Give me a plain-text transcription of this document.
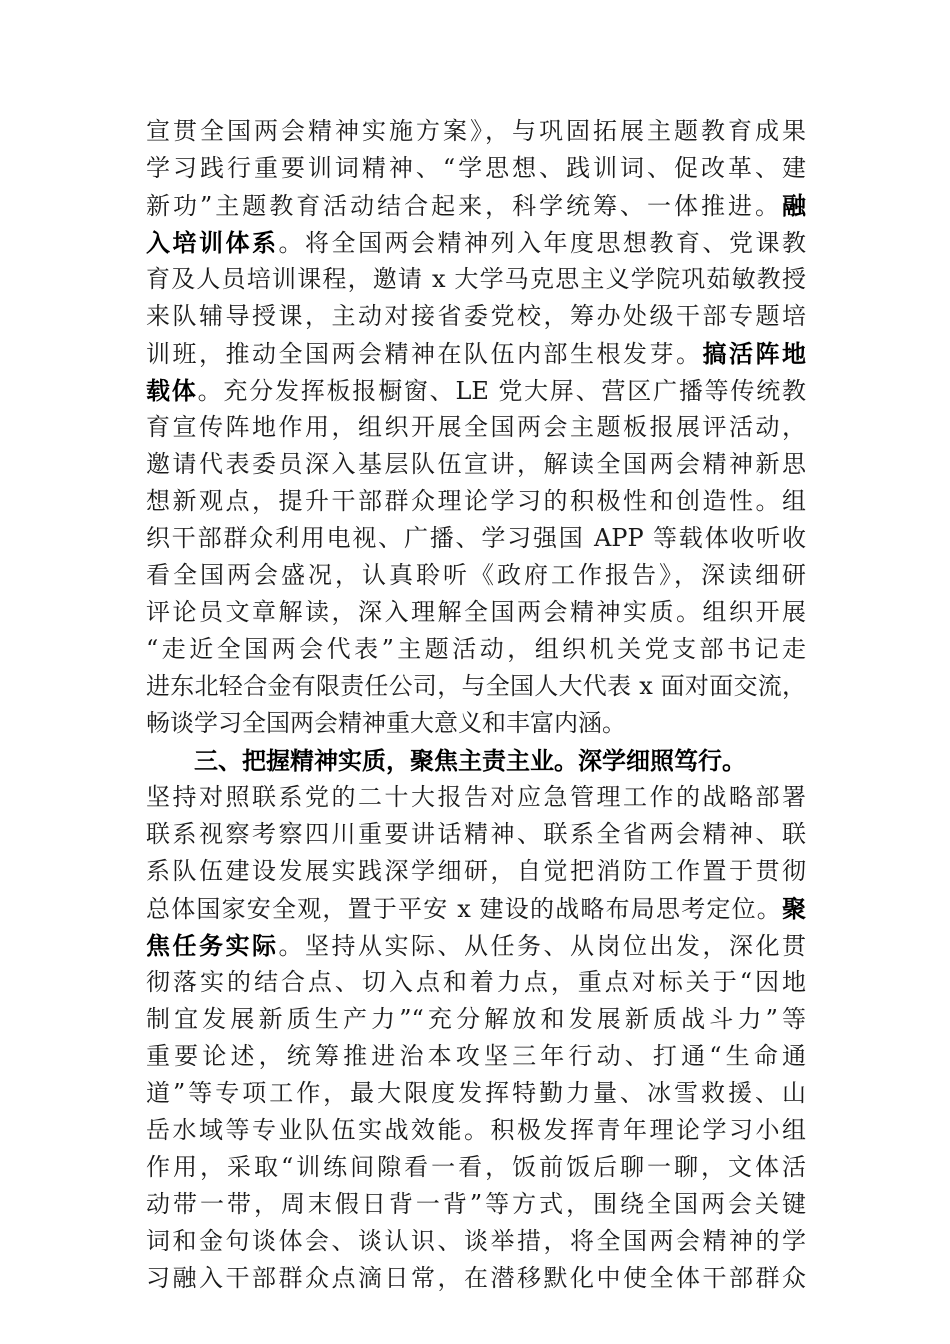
宣贯全国两会精神实施方案》，与巩固拓展主题教育成果
学习践行重要训词精神、“学思想、践训词、促改革、建
新功”主题教育活动结合起来，科学统筹、一体推进。融
入培训体系。将全国两会精神列入年度思想教育、党课教
育及人员培训课程，邀请 x 大学马克思主义学院巩茹敏教授
来队辅导授课，主动对接省委党校，筹办处级干部专题培
训班，推动全国两会精神在队伍内部生根发芽。搞活阵地
载体。充分发挥板报橱窗、LE 党大屏、营区广播等传统教
育宣传阵地作用，组织开展全国两会主题板报展评活动，
邀请代表委员深入基层队伍宣讲，解读全国两会精神新思
想新观点，提升干部群众理论学习的积极性和创造性。组
织干部群众利用电视、广播、学习强国 APP 等载体收听收
看全国两会盛况，认真聆听《政府工作报告》，深读细研
评论员文章解读，深入理解全国两会精神实质。组织开展
“走近全国两会代表”主题活动，组织机关党支部书记走
进东北轻合金有限责任公司，与全国人大代表 x 面对面交流，
畅谈学习全国两会精神重大意义和丰富内涵。
三、把握精神实质，聚焦主责主业。深学细照笃行。
坚持对照联系党的二十大报告对应急管理工作的战略部署
联系视察考察四川重要讲话精神、联系全省两会精神、联
系队伍建设发展实践深学细研，自觉把消防工作置于贯彻
总体国家安全观，置于平安 x 建设的战略布局思考定位。聚
焦任务实际。坚持从实际、从任务、从岗位出发，深化贯
彻落实的结合点、切入点和着力点，重点对标关于“因地
制宜发展新质生产力”“充分解放和发展新质战斗力”等
重要论述，统筹推进治本攻坚三年行动、打通“生命通
道”等专项工作，最大限度发挥特勤力量、冰雪救援、山
岳水域等专业队伍实战效能。积极发挥青年理论学习小组
作用，采取“训练间隙看一看，饭前饭后聊一聊，文体活
动带一带，周末假日背一背”等方式，围绕全国两会关键
词和金句谈体会、谈认识、谈举措，将全国两会精神的学
习融入干部群众点滴日常，在潜移默化中使全体干部群众
